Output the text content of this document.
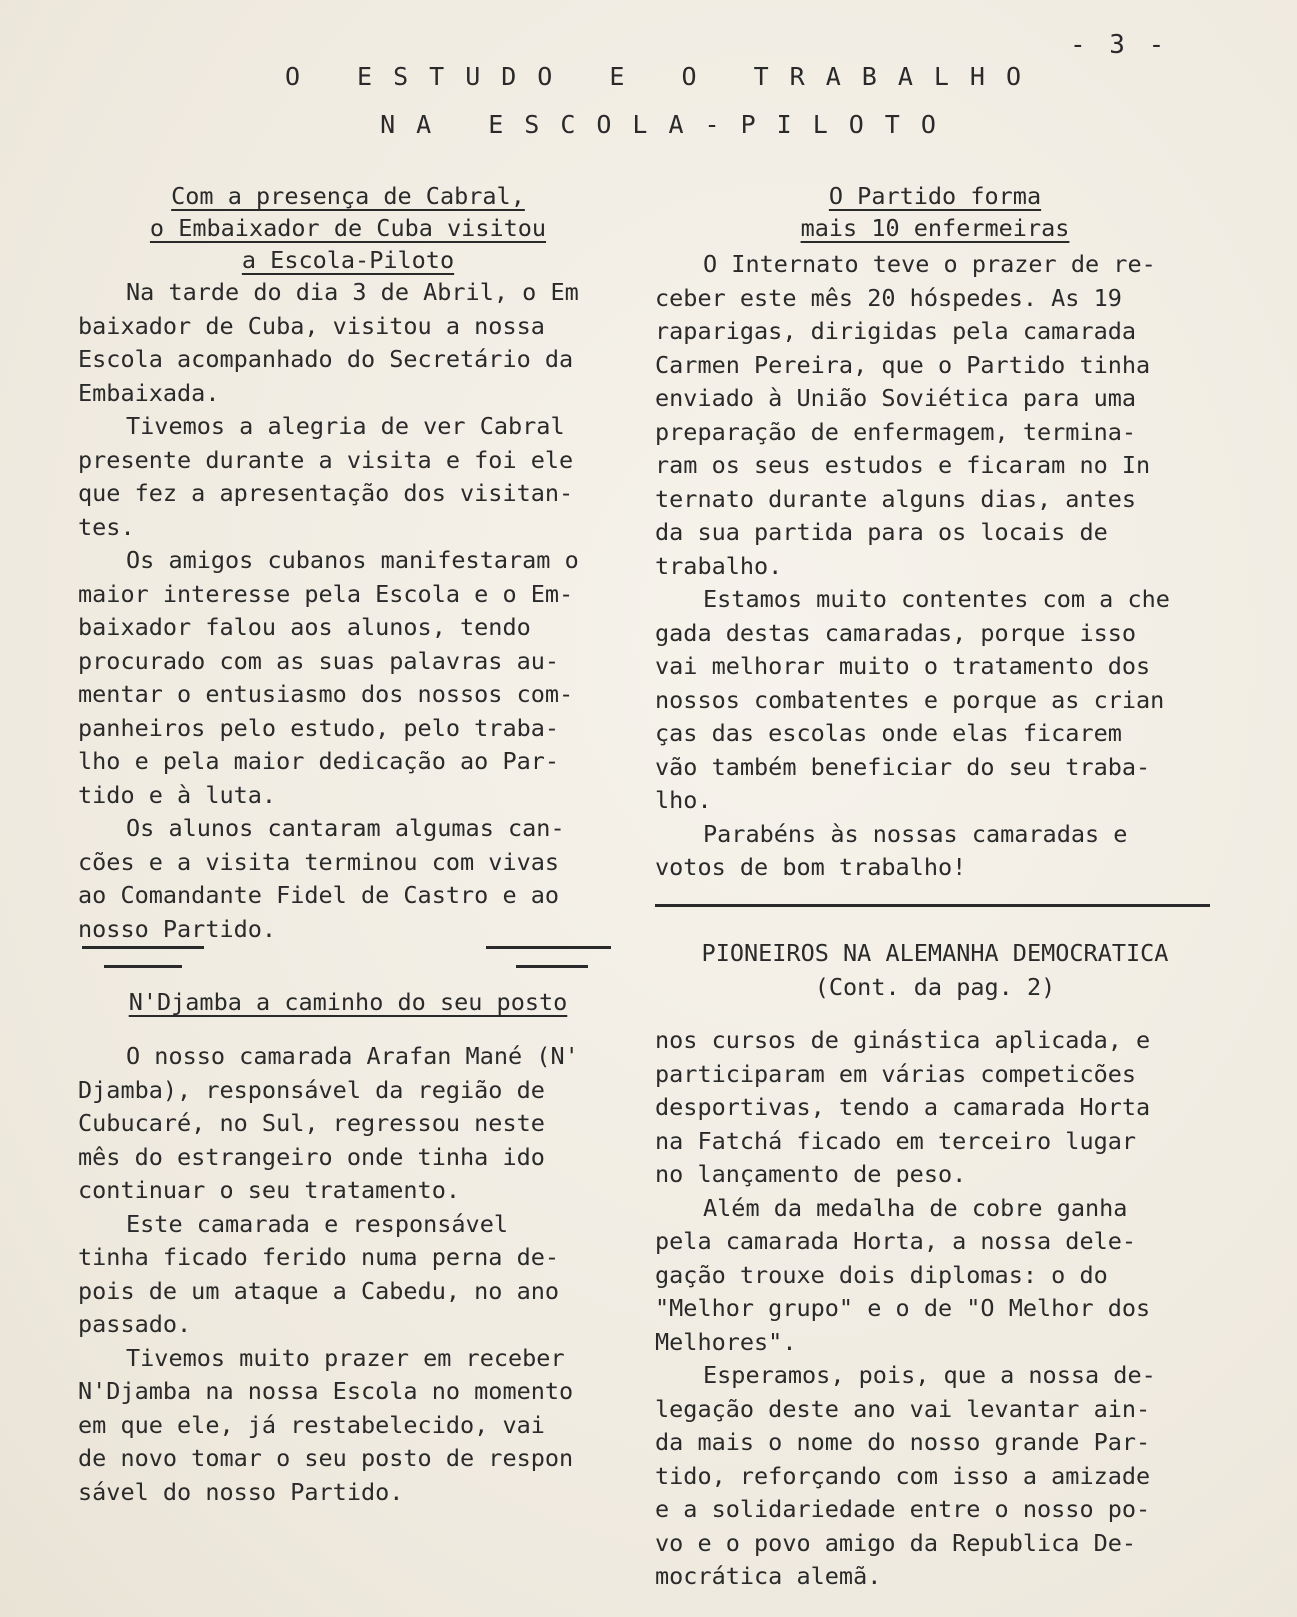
- 3 -
O ESTUDO E O TRABALHO
NA ESCOLA-PILOTO
Com a presença de Cabral,
o Embaixador de Cuba visitou
a Escola-Piloto
Na tarde do dia 3 de Abril, o Em
baixador de Cuba, visitou a nossa
Escola acompanhado do Secretário da
Embaixada.
Tivemos a alegria de ver Cabral
presente durante a visita e foi ele
que fez a apresentação dos visitan-
tes.
Os amigos cubanos manifestaram o
maior interesse pela Escola e o Em-
baixador falou aos alunos, tendo
procurado com as suas palavras au-
mentar o entusiasmo dos nossos com-
panheiros pelo estudo, pelo traba-
lho e pela maior dedicação ao Par-
tido e à luta.
Os alunos cantaram algumas can-
cões e a visita terminou com vivas
ao Comandante Fidel de Castro e ao
nosso Partido.
O Partido forma
mais 10 enfermeiras
O Internato teve o prazer de re-
ceber este mês 20 hóspedes. As 19
raparigas, dirigidas pela camarada
Carmen Pereira, que o Partido tinha
enviado à União Soviética para uma
preparação de enfermagem, termina-
ram os seus estudos e ficaram no In
ternato durante alguns dias, antes
da sua partida para os locais de
trabalho.
Estamos muito contentes com a che
gada destas camaradas, porque isso
vai melhorar muito o tratamento dos
nossos combatentes e porque as crian
ças das escolas onde elas ficarem
vão também beneficiar do seu traba-
lho.
Parabéns às nossas camaradas e
votos de bom trabalho!
N'Djamba a caminho do seu posto
O nosso camarada Arafan Mané (N'
Djamba), responsável da região de
Cubucaré, no Sul, regressou neste
mês do estrangeiro onde tinha ido
continuar o seu tratamento.
Este camarada e responsável
tinha ficado ferido numa perna de-
pois de um ataque a Cabedu, no ano
passado.
Tivemos muito prazer em receber
N'Djamba na nossa Escola no momento
em que ele, já restabelecido, vai
de novo tomar o seu posto de respon
sável do nosso Partido.
PIONEIROS NA ALEMANHA DEMOCRATICA
(Cont. da pag. 2)
nos cursos de ginástica aplicada, e
participaram em várias competicões
desportivas, tendo a camarada Horta
na Fatchá ficado em terceiro lugar
no lançamento de peso.
Além da medalha de cobre ganha
pela camarada Horta, a nossa dele-
gação trouxe dois diplomas: o do
"Melhor grupo" e o de "O Melhor dos
Melhores".
Esperamos, pois, que a nossa de-
legação deste ano vai levantar ain-
da mais o nome do nosso grande Par-
tido, reforçando com isso a amizade
e a solidariedade entre o nosso po-
vo e o povo amigo da Republica De-
mocrática alemã.
